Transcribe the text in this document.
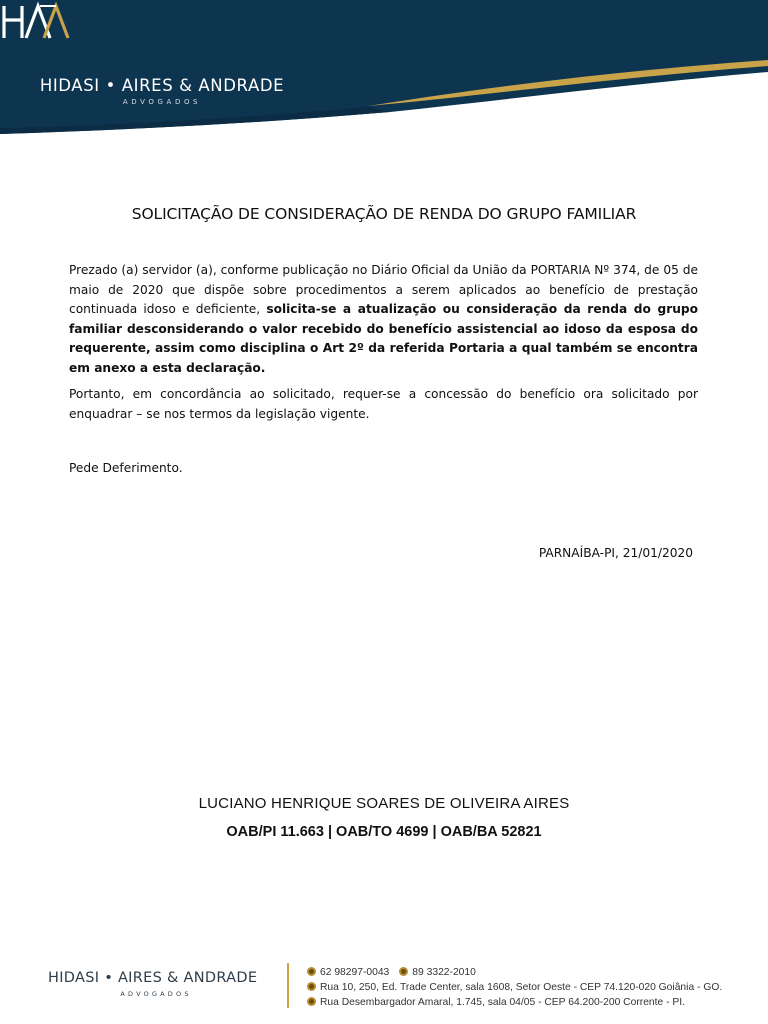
HIDASI • AIRES & ANDRADE
ADVOGADOS
SOLICITAÇÃO DE CONSIDERAÇÃO DE RENDA DO GRUPO FAMILIAR
Prezado (a) servidor (a), conforme publicação no Diário Oficial da União da PORTARIA Nº 374, de 05 de maio de 2020 que dispõe sobre procedimentos a serem aplicados ao benefício de prestação continuada idoso e deficiente, solicita-se a atualização ou consideração da renda do grupo familiar desconsiderando o valor recebido do benefício assistencial ao idoso da esposa do requerente, assim como disciplina o Art 2º da referida Portaria a qual também se encontra em anexo a esta declaração.
Portanto, em concordância ao solicitado, requer-se a concessão do benefício ora solicitado por enquadrar – se nos termos da legislação vigente.
Pede Deferimento.
PARNAÍBA-PI, 21/01/2020
LUCIANO HENRIQUE SOARES DE OLIVEIRA AIRES
OAB/PI 11.663 | OAB/TO 4699 | OAB/BA 52821
HIDASI • AIRES & ANDRADE
ADVOGADOS
62 98297-0043 89 3322-2010
Rua 10, 250, Ed. Trade Center, sala 1608, Setor Oeste - CEP 74.120-020 Goiânia - GO.
Rua Desembargador Amaral, 1.745, sala 04/05 - CEP 64.200-200 Corrente - PI.
